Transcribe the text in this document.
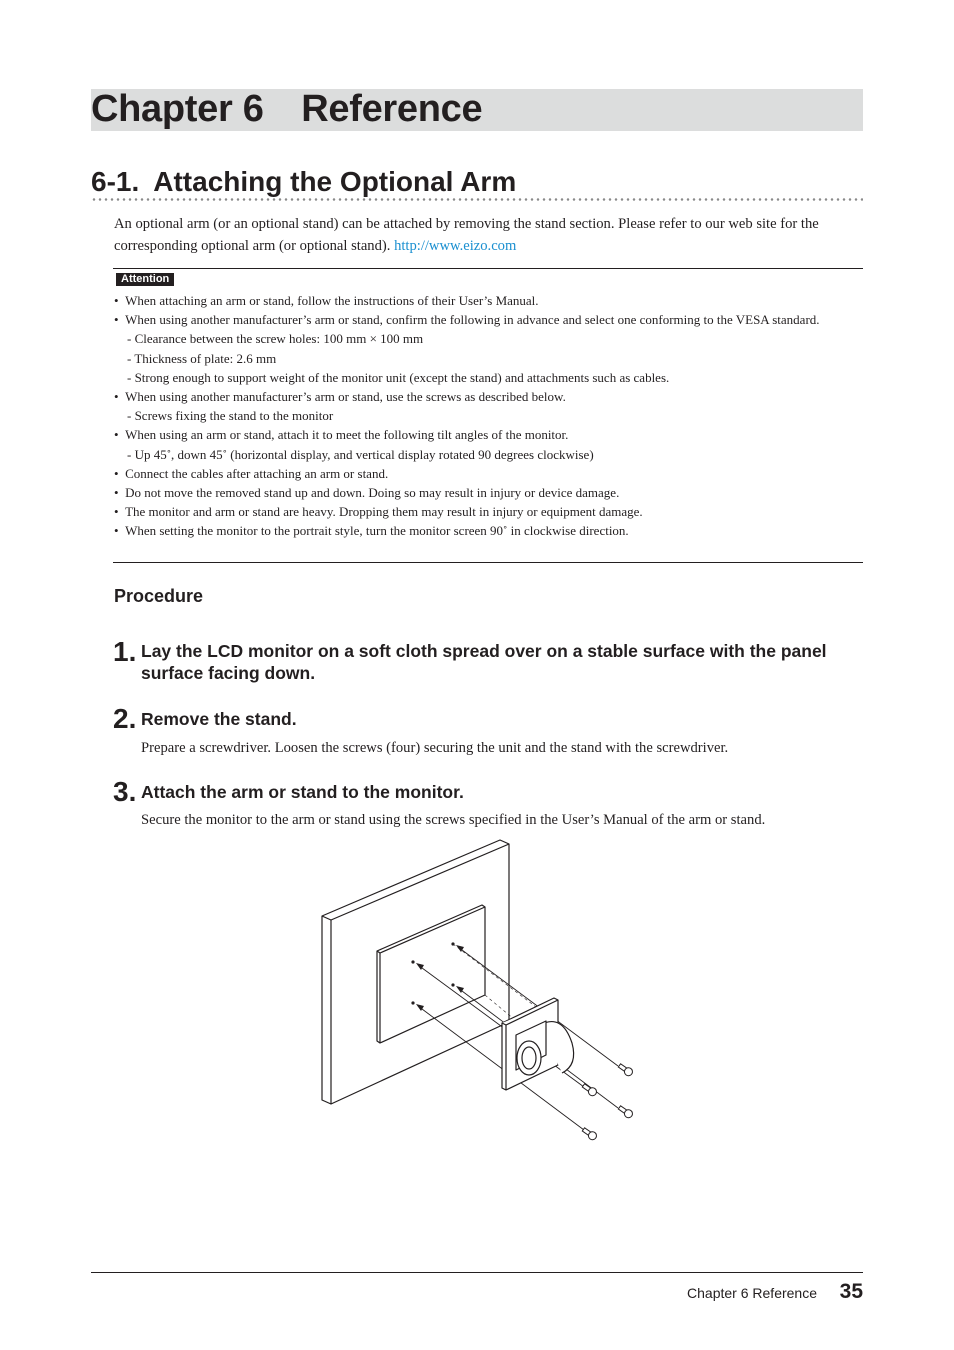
Chapter 6 Reference
6-1. Attaching the Optional Arm
An optional arm (or an optional stand) can be attached by removing the stand section. Please refer to our web site for the corresponding optional arm (or optional stand). http://www.eizo.com
Attention
•  When attaching an arm or stand, follow the instructions of their User’s Manual.
•  When using another manufacturer’s arm or stand, confirm the following in advance and select one conforming to the VESA standard.
- Clearance between the screw holes: 100 mm × 100 mm
- Thickness of plate: 2.6 mm
- Strong enough to support weight of the monitor unit (except the stand) and attachments such as cables.
•  When using another manufacturer’s arm or stand, use the screws as described below.
- Screws fixing the stand to the monitor
•  When using an arm or stand, attach it to meet the following tilt angles of the monitor.
- Up 45˚, down 45˚ (horizontal display, and vertical display rotated 90 degrees clockwise)
•  Connect the cables after attaching an arm or stand.
•  Do not move the removed stand up and down. Doing so may result in injury or device damage.
•  The monitor and arm or stand are heavy. Dropping them may result in injury or equipment damage.
•  When setting the monitor to the portrait style, turn the monitor screen 90˚ in clockwise direction.
Procedure
1. Lay the LCD monitor on a soft cloth spread over on a stable surface with the panel surface facing down.
2. Remove the stand.
Prepare a screwdriver. Loosen the screws (four) securing the unit and the stand with the screwdriver.
3. Attach the arm or stand to the monitor.
Secure the monitor to the arm or stand using the screws specified in the User’s Manual of the arm or stand.
Chapter 6 Reference	35
